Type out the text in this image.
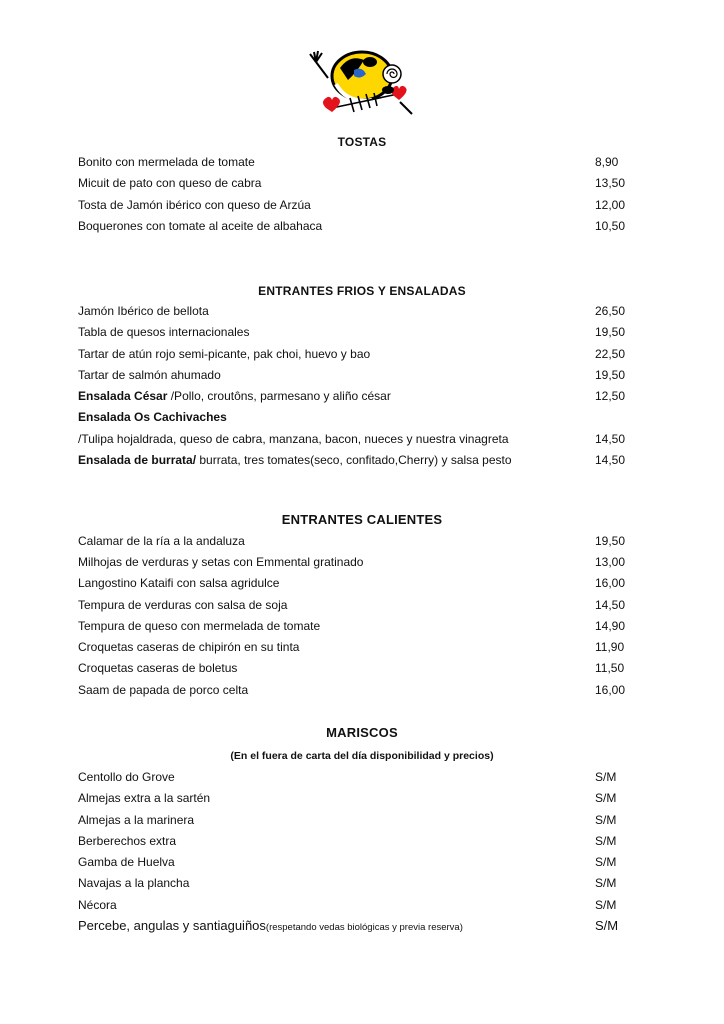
TOSTAS
Bonito con mermelada de tomate	8,90
Micuit de pato con queso de cabra	13,50
Tosta de Jamón ibérico con queso de Arzúa	12,00
Boquerones con tomate al aceite de albahaca	10,50
ENTRANTES FRIOS Y ENSALADAS
Jamón Ibérico de bellota	26,50
Tabla de quesos internacionales	19,50
Tartar de atún rojo semi-picante, pak choi, huevo y bao	22,50
Tartar de salmón ahumado	19,50
Ensalada César /Pollo, croutôns, parmesano y aliño césar	12,50
Ensalada Os Cachivaches
/Tulipa hojaldrada, queso de cabra, manzana, bacon, nueces y nuestra vinagreta	14,50
Ensalada de burrata/ burrata, tres tomates(seco, confitado,Cherry) y salsa pesto	14,50
ENTRANTES CALIENTES
Calamar de la ría a la andaluza	19,50
Milhojas de verduras y setas con Emmental gratinado	13,00
Langostino Kataifi con salsa agridulce	16,00
Tempura de verduras con salsa de soja	14,50
Tempura de queso con mermelada de tomate	14,90
Croquetas caseras de chipirón en su tinta	11,90
Croquetas caseras de boletus	11,50
Saam de papada de porco celta	16,00
MARISCOS
(En el fuera de carta del día disponibilidad y precios)
Centollo do Grove	S/M
Almejas extra a la sartén	S/M
Almejas a la marinera	S/M
Berberechos extra	S/M
Gamba de Huelva	S/M
Navajas a la plancha	S/M
Nécora	S/M
Percebe, angulas y santiaguiños(respetando vedas biológicas y previa reserva)	S/M
